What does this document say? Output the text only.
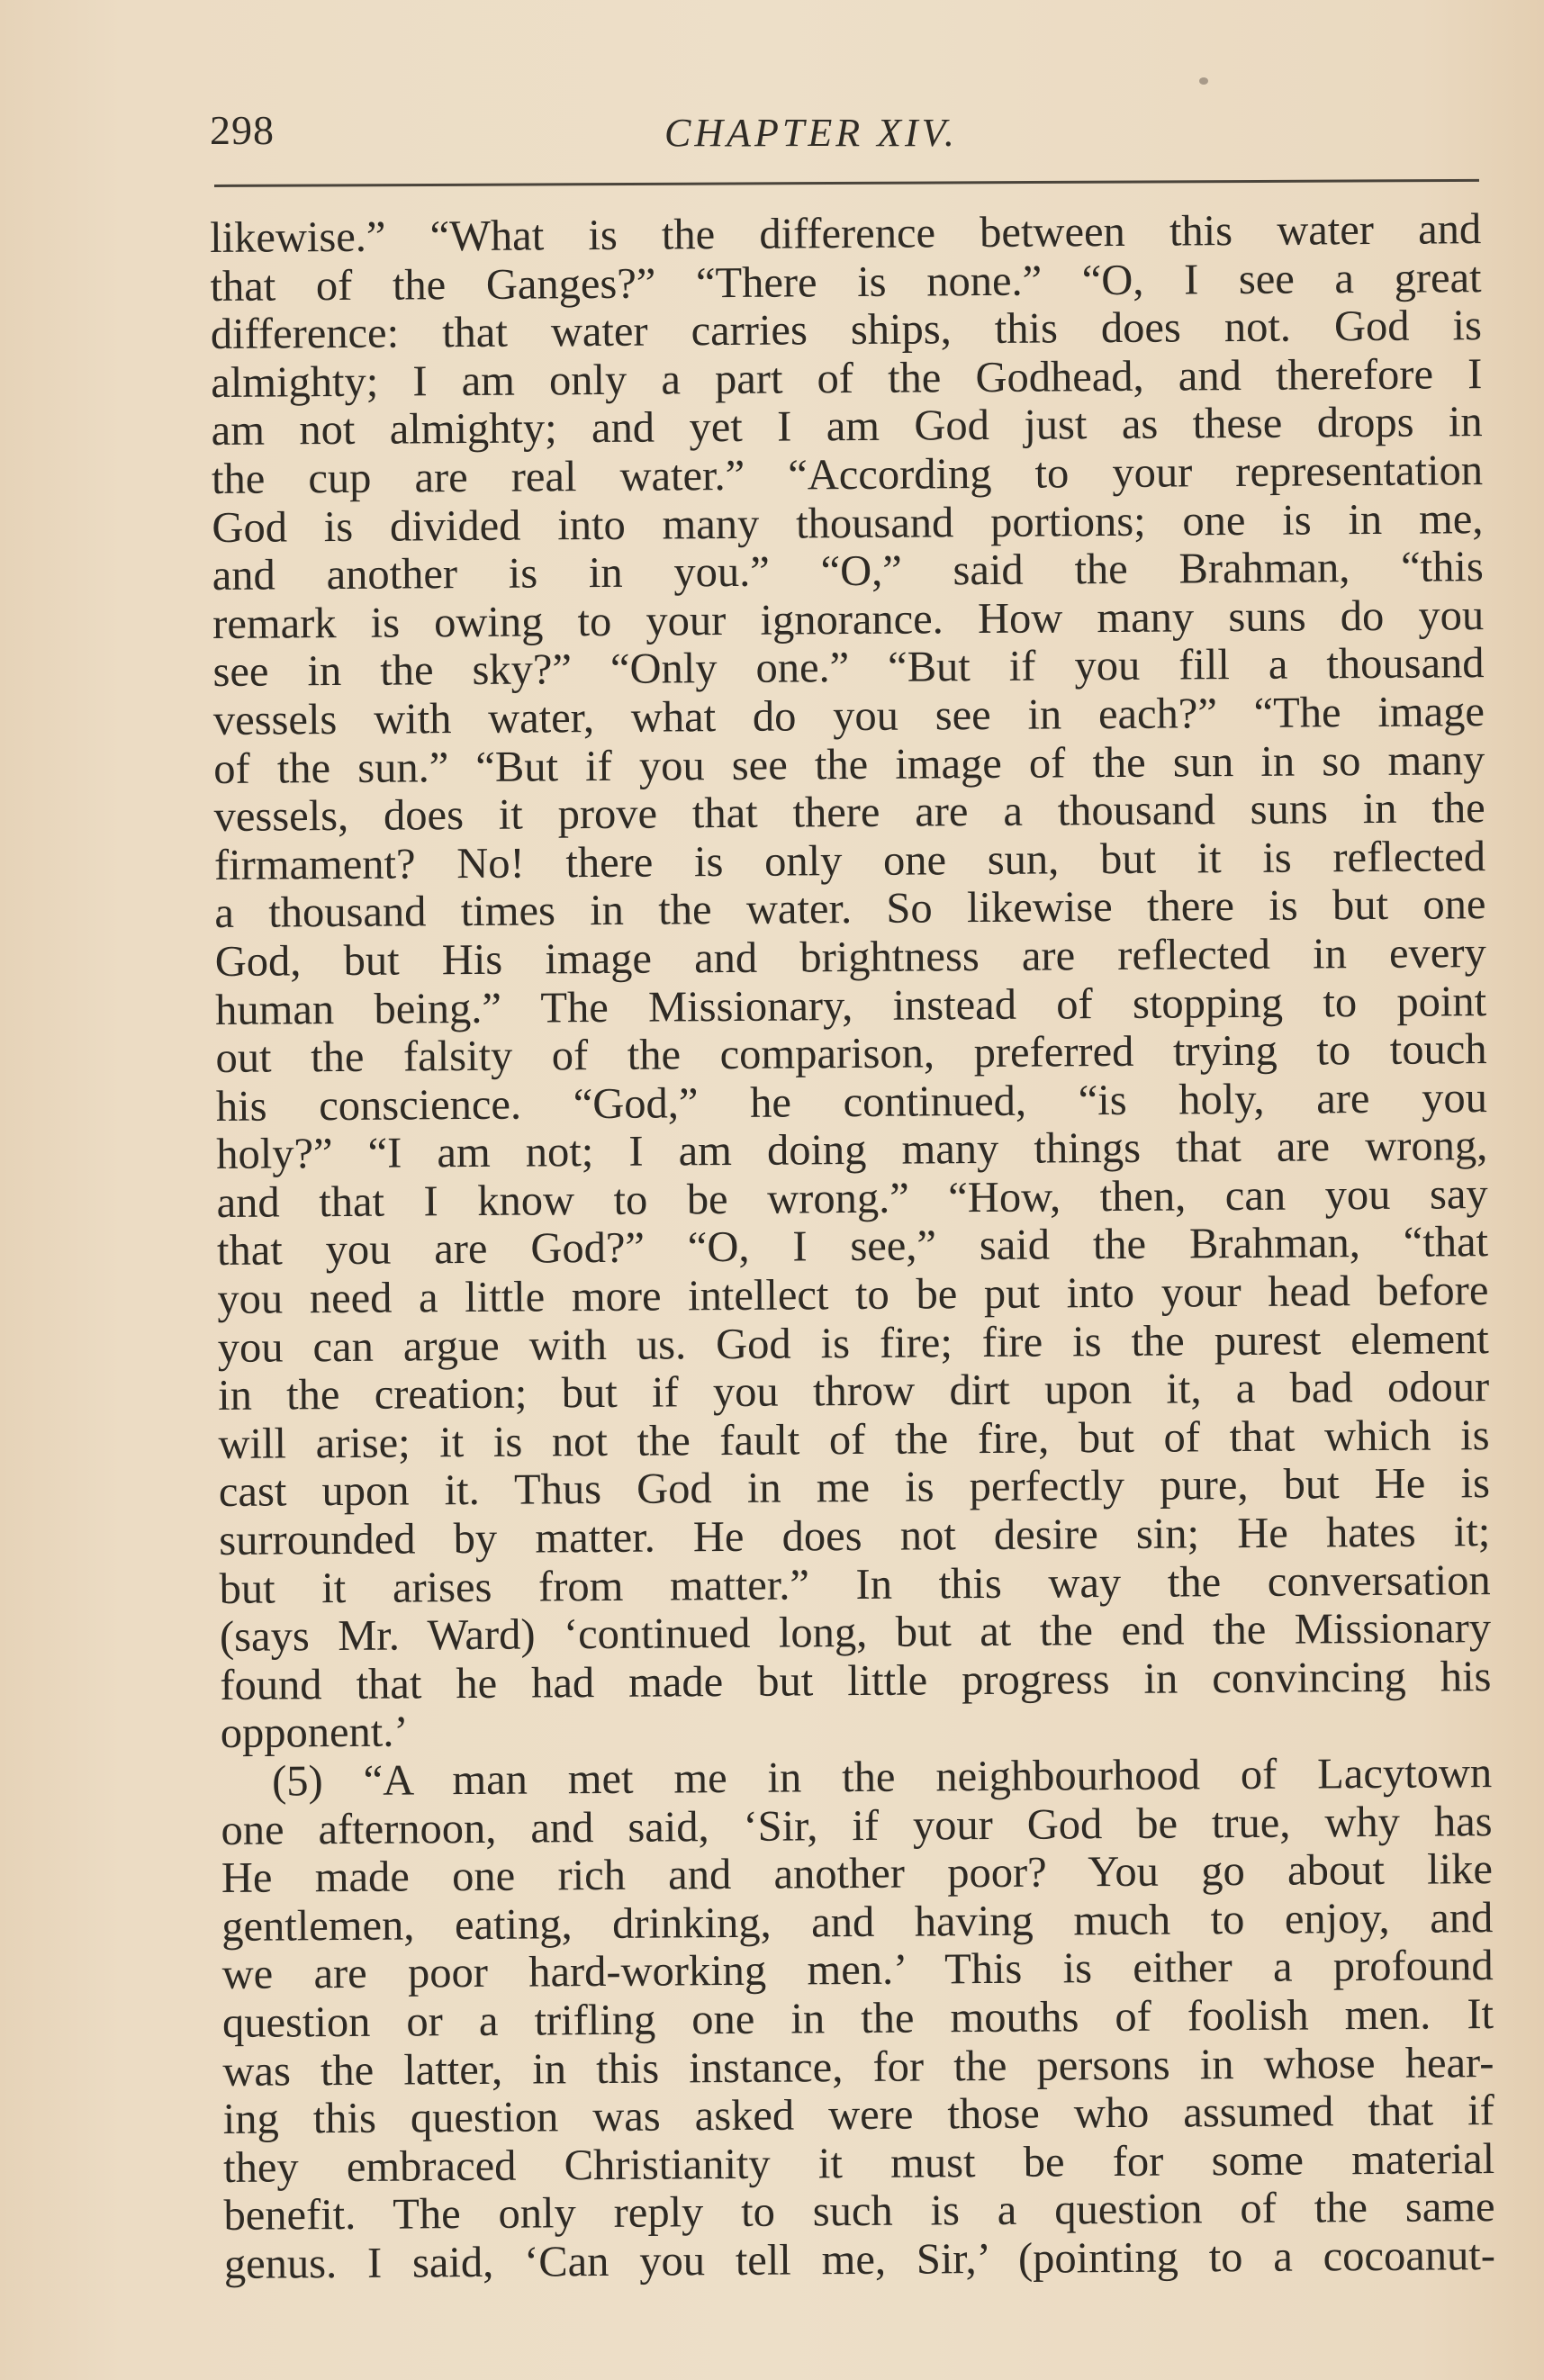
298	CHAPTER XIV.
likewise.” “What is the difference between this water and
that of the Ganges?” “There is none.” “O, I see a great
difference: that water carries ships, this does not. God is
almighty; I am only a part of the Godhead, and therefore I
am not almighty; and yet I am God just as these drops in
the cup are real water.” “According to your representation
God is divided into many thousand portions; one is in me,
and another is in you.” “O,” said the Brahman, “this
remark is owing to your ignorance. How many suns do you
see in the sky?” “Only one.” “But if you fill a thousand
vessels with water, what do you see in each?” “The image
of the sun.” “But if you see the image of the sun in so many
vessels, does it prove that there are a thousand suns in the
firmament? No! there is only one sun, but it is reflected
a thousand times in the water. So likewise there is but one
God, but His image and brightness are reflected in every
human being.” The Missionary, instead of stopping to point
out the falsity of the comparison, preferred trying to touch
his conscience. “God,” he continued, “is holy, are you
holy?” “I am not; I am doing many things that are wrong,
and that I know to be wrong.” “How, then, can you say
that you are God?” “O, I see,” said the Brahman, “that
you need a little more intellect to be put into your head before
you can argue with us. God is fire; fire is the purest element
in the creation; but if you throw dirt upon it, a bad odour
will arise; it is not the fault of the fire, but of that which is
cast upon it. Thus God in me is perfectly pure, but He is
surrounded by matter. He does not desire sin; He hates it;
but it arises from matter.” In this way the conversation
(says Mr. Ward) ‘continued long, but at the end the Missionary
found that he had made but little progress in convincing his
opponent.’
(5) “A man met me in the neighbourhood of Lacytown
one afternoon, and said, ‘Sir, if your God be true, why has
He made one rich and another poor? You go about like
gentlemen, eating, drinking, and having much to enjoy, and
we are poor hard-working men.’ This is either a profound
question or a trifling one in the mouths of foolish men. It
was the latter, in this instance, for the persons in whose hear-
ing this question was asked were those who assumed that if
they embraced Christianity it must be for some material
benefit. The only reply to such is a question of the same
genus. I said, ‘Can you tell me, Sir,’ (pointing to a cocoanut-
